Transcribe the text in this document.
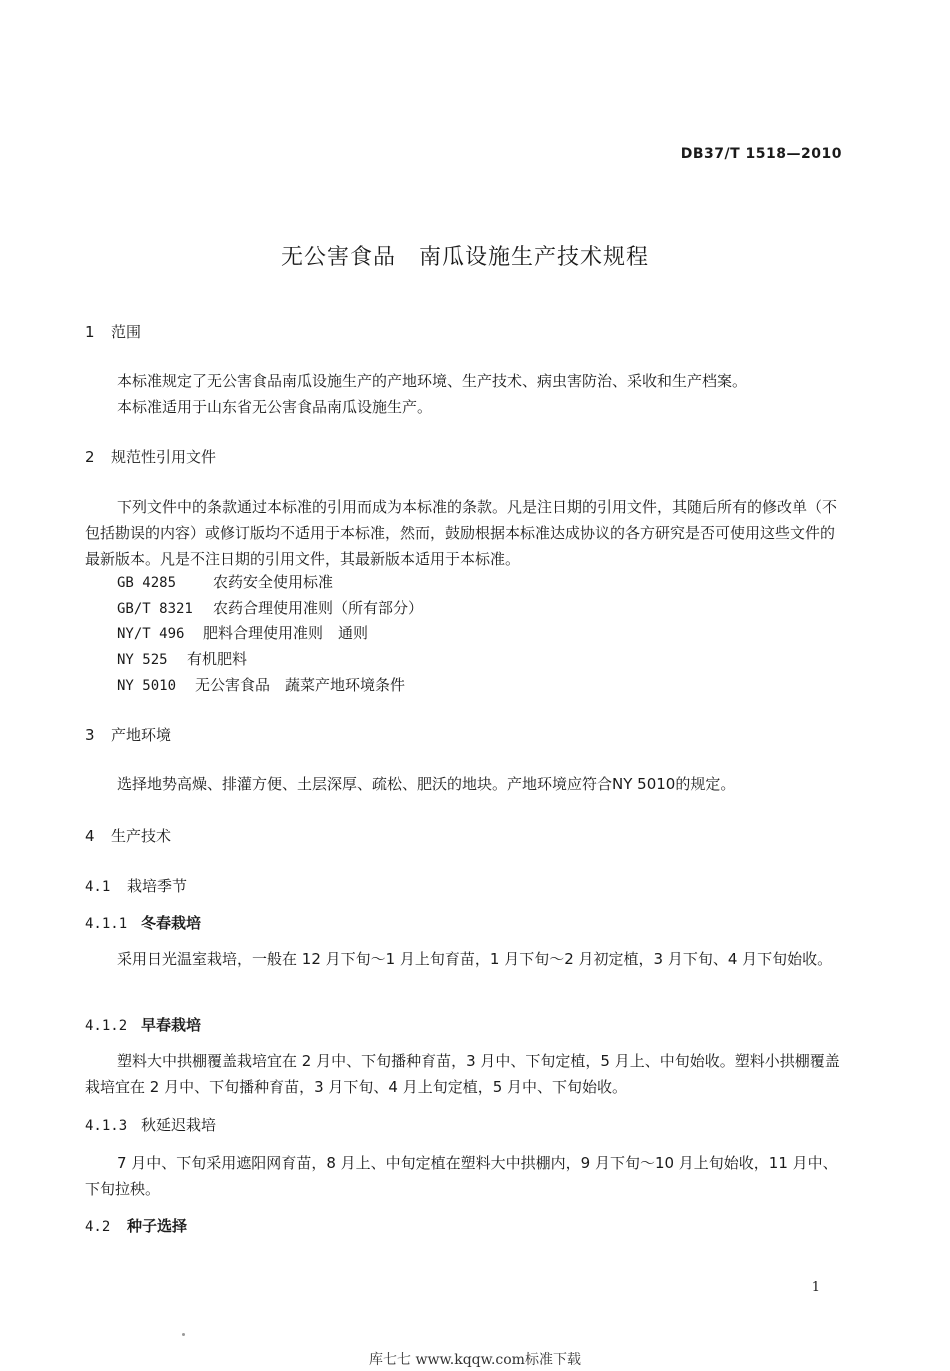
DB37/T 1518—2010
无公害食品　南瓜设施生产技术规程
1 范围

本标准规定了无公害食品南瓜设施生产的产地环境、生产技术、病虫害防治、采收和生产档案。

本标准适用于山东省无公害食品南瓜设施生产。

2 规范性引用文件

下列文件中的条款通过本标准的引用而成为本标准的条款。凡是注日期的引用文件，其随后所有的修改单（不包括勘误的内容）或修订版均不适用于本标准，然而，鼓励根据本标准达成协议的各方研究是否可使用这些文件的最新版本。凡是不注日期的引用文件，其最新版本适用于本标准。

GB 4285 农药安全使用标准
GB/T 8321 农药合理使用准则（所有部分）
NY/T 496 肥料合理使用准则　通则
NY 525 有机肥料
NY 5010 无公害食品　蔬菜产地环境条件
3 产地环境

选择地势高燥、排灌方便、土层深厚、疏松、肥沃的地块。产地环境应符合NY 5010的规定。

4 生产技术
4.1 栽培季节
4.1.1 冬春栽培

采用日光温室栽培，一般在 12 月下旬～1 月上旬育苗，1 月下旬～2 月初定植，3 月下旬、4 月下旬始收。

4.1.2 早春栽培

塑料大中拱棚覆盖栽培宜在 2 月中、下旬播种育苗，3 月中、下旬定植，5 月上、中旬始收。塑料小拱棚覆盖栽培宜在 2 月中、下旬播种育苗，3 月下旬、4 月上旬定植，5 月中、下旬始收。

4.1.3 秋延迟栽培

7 月中、下旬采用遮阳网育苗，8 月上、中旬定植在塑料大中拱棚内，9 月下旬～10 月上旬始收，11 月中、下旬拉秧。

4.2 种子选择
1
库七七 www.kqqw.com标准下载
